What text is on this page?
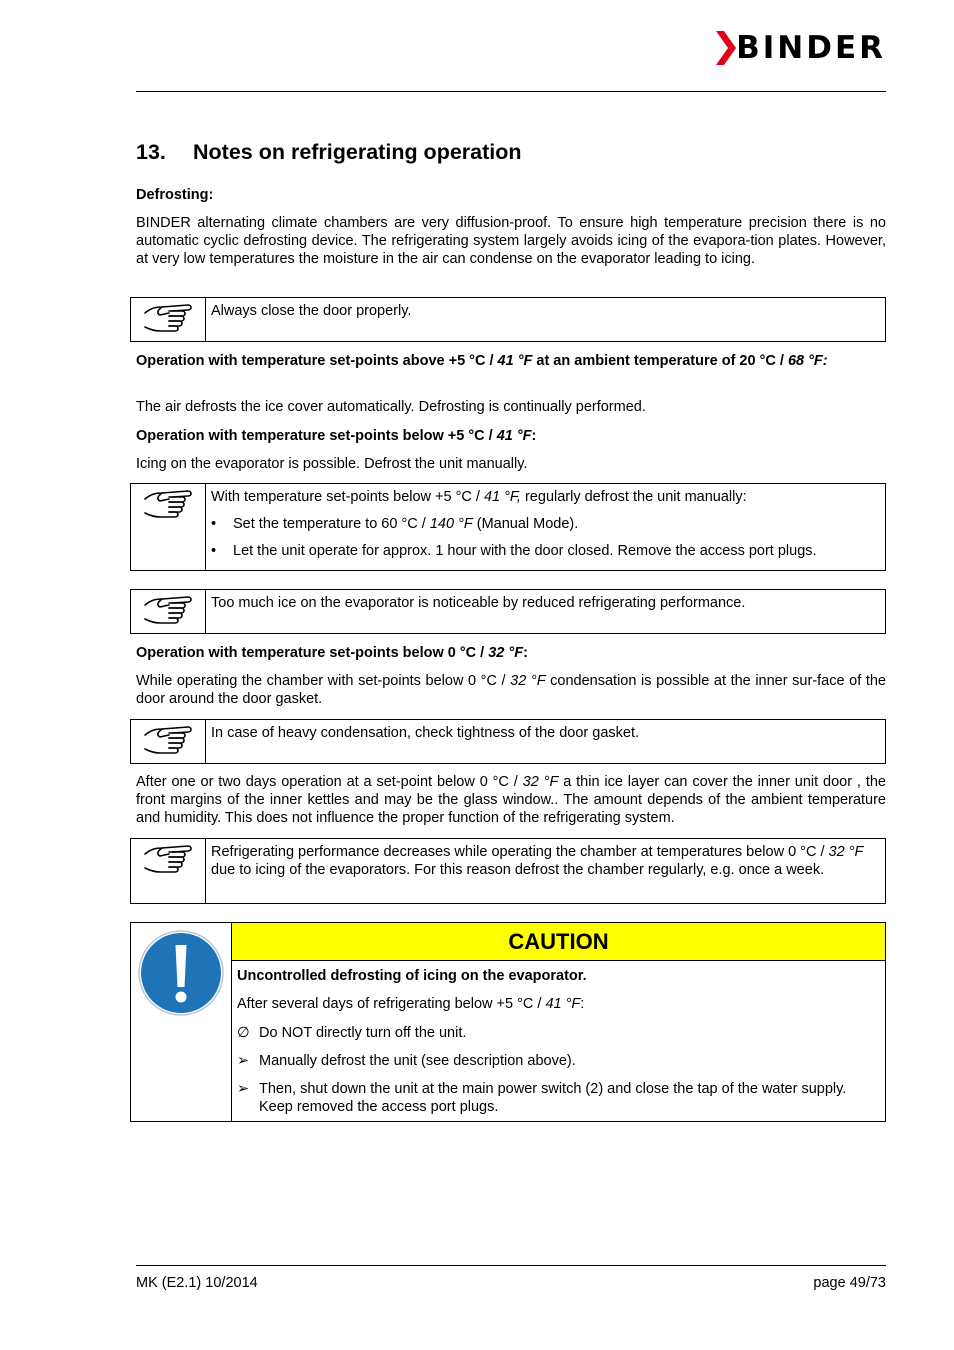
BINDER
13. Notes on refrigerating operation
Defrosting:
BINDER alternating climate chambers are very diffusion-proof. To ensure high temperature precision there is no automatic cyclic defrosting device. The refrigerating system largely avoids icing of the evapora-tion plates. However, at very low temperatures the moisture in the air can condense on the evaporator leading to icing.
Always close the door properly.
Operation with temperature set-points above +5 °C / 41 °F at an ambient temperature of 20 °C / 68 °F:
The air defrosts the ice cover automatically. Defrosting is continually performed.
Operation with temperature set-points below +5 °C / 41 °F:
Icing on the evaporator is possible. Defrost the unit manually.
With temperature set-points below +5 °C / 41 °F, regularly defrost the unit manually:
•	Set the temperature to 60 °C / 140 °F (Manual Mode).
•	Let the unit operate for approx. 1 hour with the door closed. Remove the access port plugs.
Too much ice on the evaporator is noticeable by reduced refrigerating performance.
Operation with temperature set-points below 0 °C / 32 °F:
While operating the chamber with set-points below 0 °C / 32 °F condensation is possible at the inner sur-face of the door around the door gasket.
In case of heavy condensation, check tightness of the door gasket.
After one or two days operation at a set-point below 0 °C / 32 °F a thin ice layer can cover the inner unit door , the front margins of the inner kettles and may be the glass window.. The amount depends of the ambient temperature and humidity. This does not influence the proper function of the refrigerating system.
Refrigerating performance decreases while operating the chamber at temperatures below 0 °C / 32 °F due to icing of the evaporators. For this reason defrost the chamber regularly, e.g. once a week.
CAUTION
Uncontrolled defrosting of icing on the evaporator.
After several days of refrigerating below +5 °C / 41 °F:
∅ Do NOT directly turn off the unit.
➢ Manually defrost the unit (see description above).
➢ Then, shut down the unit at the main power switch (2) and close the tap of the water supply. Keep removed the access port plugs.
MK (E2.1) 10/2014	page 49/73
